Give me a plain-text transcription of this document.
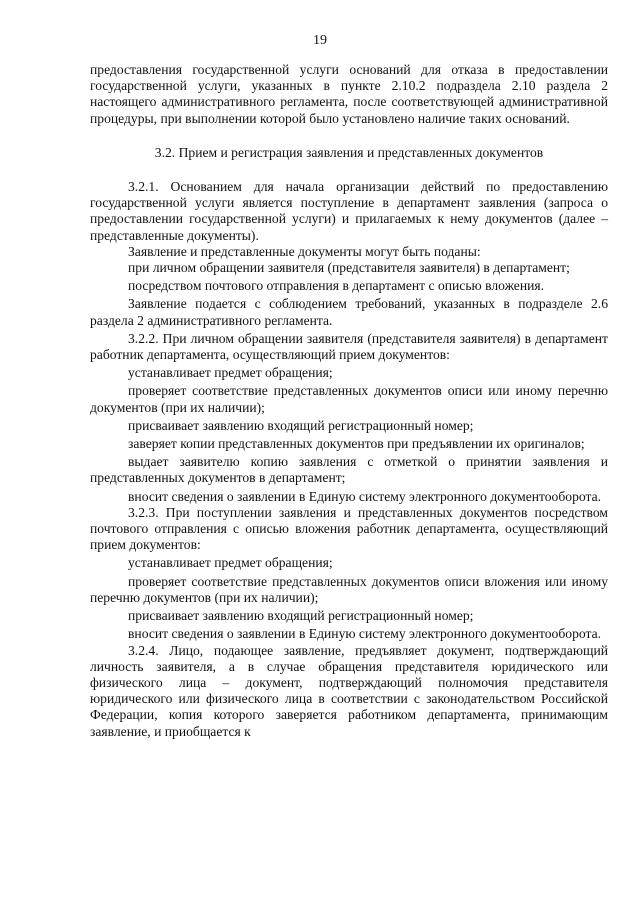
19

предоставления государственной услуги оснований для отказа в предоставлении государственной услуги, указанных в пункте 2.10.2 подраздела 2.10 раздела 2 настоящего административного регламента, после соответствующей административной процедуры, при выполнении которой было установлено наличие таких оснований.

3.2. Прием и регистрация заявления и представленных документов

3.2.1. Основанием для начала организации действий по предоставлению государственной услуги является поступление в департамент заявления (запроса о предоставлении государственной услуги) и прилагаемых к нему документов (далее – представленные документы).

Заявление и представленные документы могут быть поданы:

при личном обращении заявителя (представителя заявителя) в департамент;

посредством почтового отправления в департамент с описью вложения.

Заявление подается с соблюдением требований, указанных в подразделе 2.6 раздела 2 административного регламента.

3.2.2. При личном обращении заявителя (представителя заявителя) в департамент работник департамента, осуществляющий прием документов:

устанавливает предмет обращения;

проверяет соответствие представленных документов описи или иному перечню документов (при их наличии);

присваивает заявлению входящий регистрационный номер;

заверяет копии представленных документов при предъявлении их оригиналов;

выдает заявителю копию заявления с отметкой о принятии заявления и представленных документов в департамент;

вносит сведения о заявлении в Единую систему электронного документооборота.

3.2.3. При поступлении заявления и представленных документов посредством почтового отправления с описью вложения работник департамента, осуществляющий прием документов:

устанавливает предмет обращения;

проверяет соответствие представленных документов описи вложения или иному перечню документов (при их наличии);

присваивает заявлению входящий регистрационный номер;

вносит сведения о заявлении в Единую систему электронного документооборота.

3.2.4. Лицо, подающее заявление, предъявляет документ, подтверждающий личность заявителя, а в случае обращения представителя юридического или физического лица – документ, подтверждающий полномочия представителя юридического или физического лица в соответствии с законодательством Российской Федерации, копия которого заверяется работником департамента, принимающим заявление, и приобщается к
